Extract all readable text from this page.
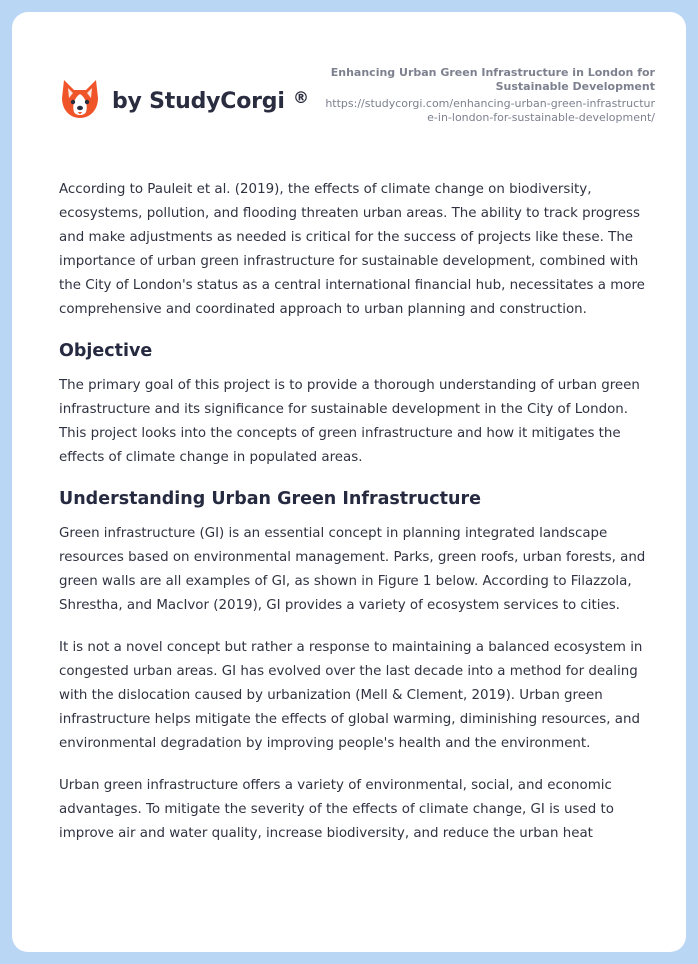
by StudyCorgi ®
Enhancing Urban Green Infrastructure in London for Sustainable Development
https://studycorgi.com/enhancing-urban-green-infrastructure-in-london-for-sustainable-development/

According to Pauleit et al. (2019), the effects of climate change on biodiversity, ecosystems, pollution, and flooding threaten urban areas. The ability to track progress and make adjustments as needed is critical for the success of projects like these. The importance of urban green infrastructure for sustainable development, combined with the City of London's status as a central international financial hub, necessitates a more comprehensive and coordinated approach to urban planning and construction.

Objective

The primary goal of this project is to provide a thorough understanding of urban green infrastructure and its significance for sustainable development in the City of London. This project looks into the concepts of green infrastructure and how it mitigates the effects of climate change in populated areas.

Understanding Urban Green Infrastructure

Green infrastructure (GI) is an essential concept in planning integrated landscape resources based on environmental management. Parks, green roofs, urban forests, and green walls are all examples of GI, as shown in Figure 1 below. According to Filazzola, Shrestha, and MacIvor (2019), GI provides a variety of ecosystem services to cities.

It is not a novel concept but rather a response to maintaining a balanced ecosystem in congested urban areas. GI has evolved over the last decade into a method for dealing with the dislocation caused by urbanization (Mell & Clement, 2019). Urban green infrastructure helps mitigate the effects of global warming, diminishing resources, and environmental degradation by improving people's health and the environment.

Urban green infrastructure offers a variety of environmental, social, and economic advantages. To mitigate the severity of the effects of climate change, GI is used to improve air and water quality, increase biodiversity, and reduce the urban heat
